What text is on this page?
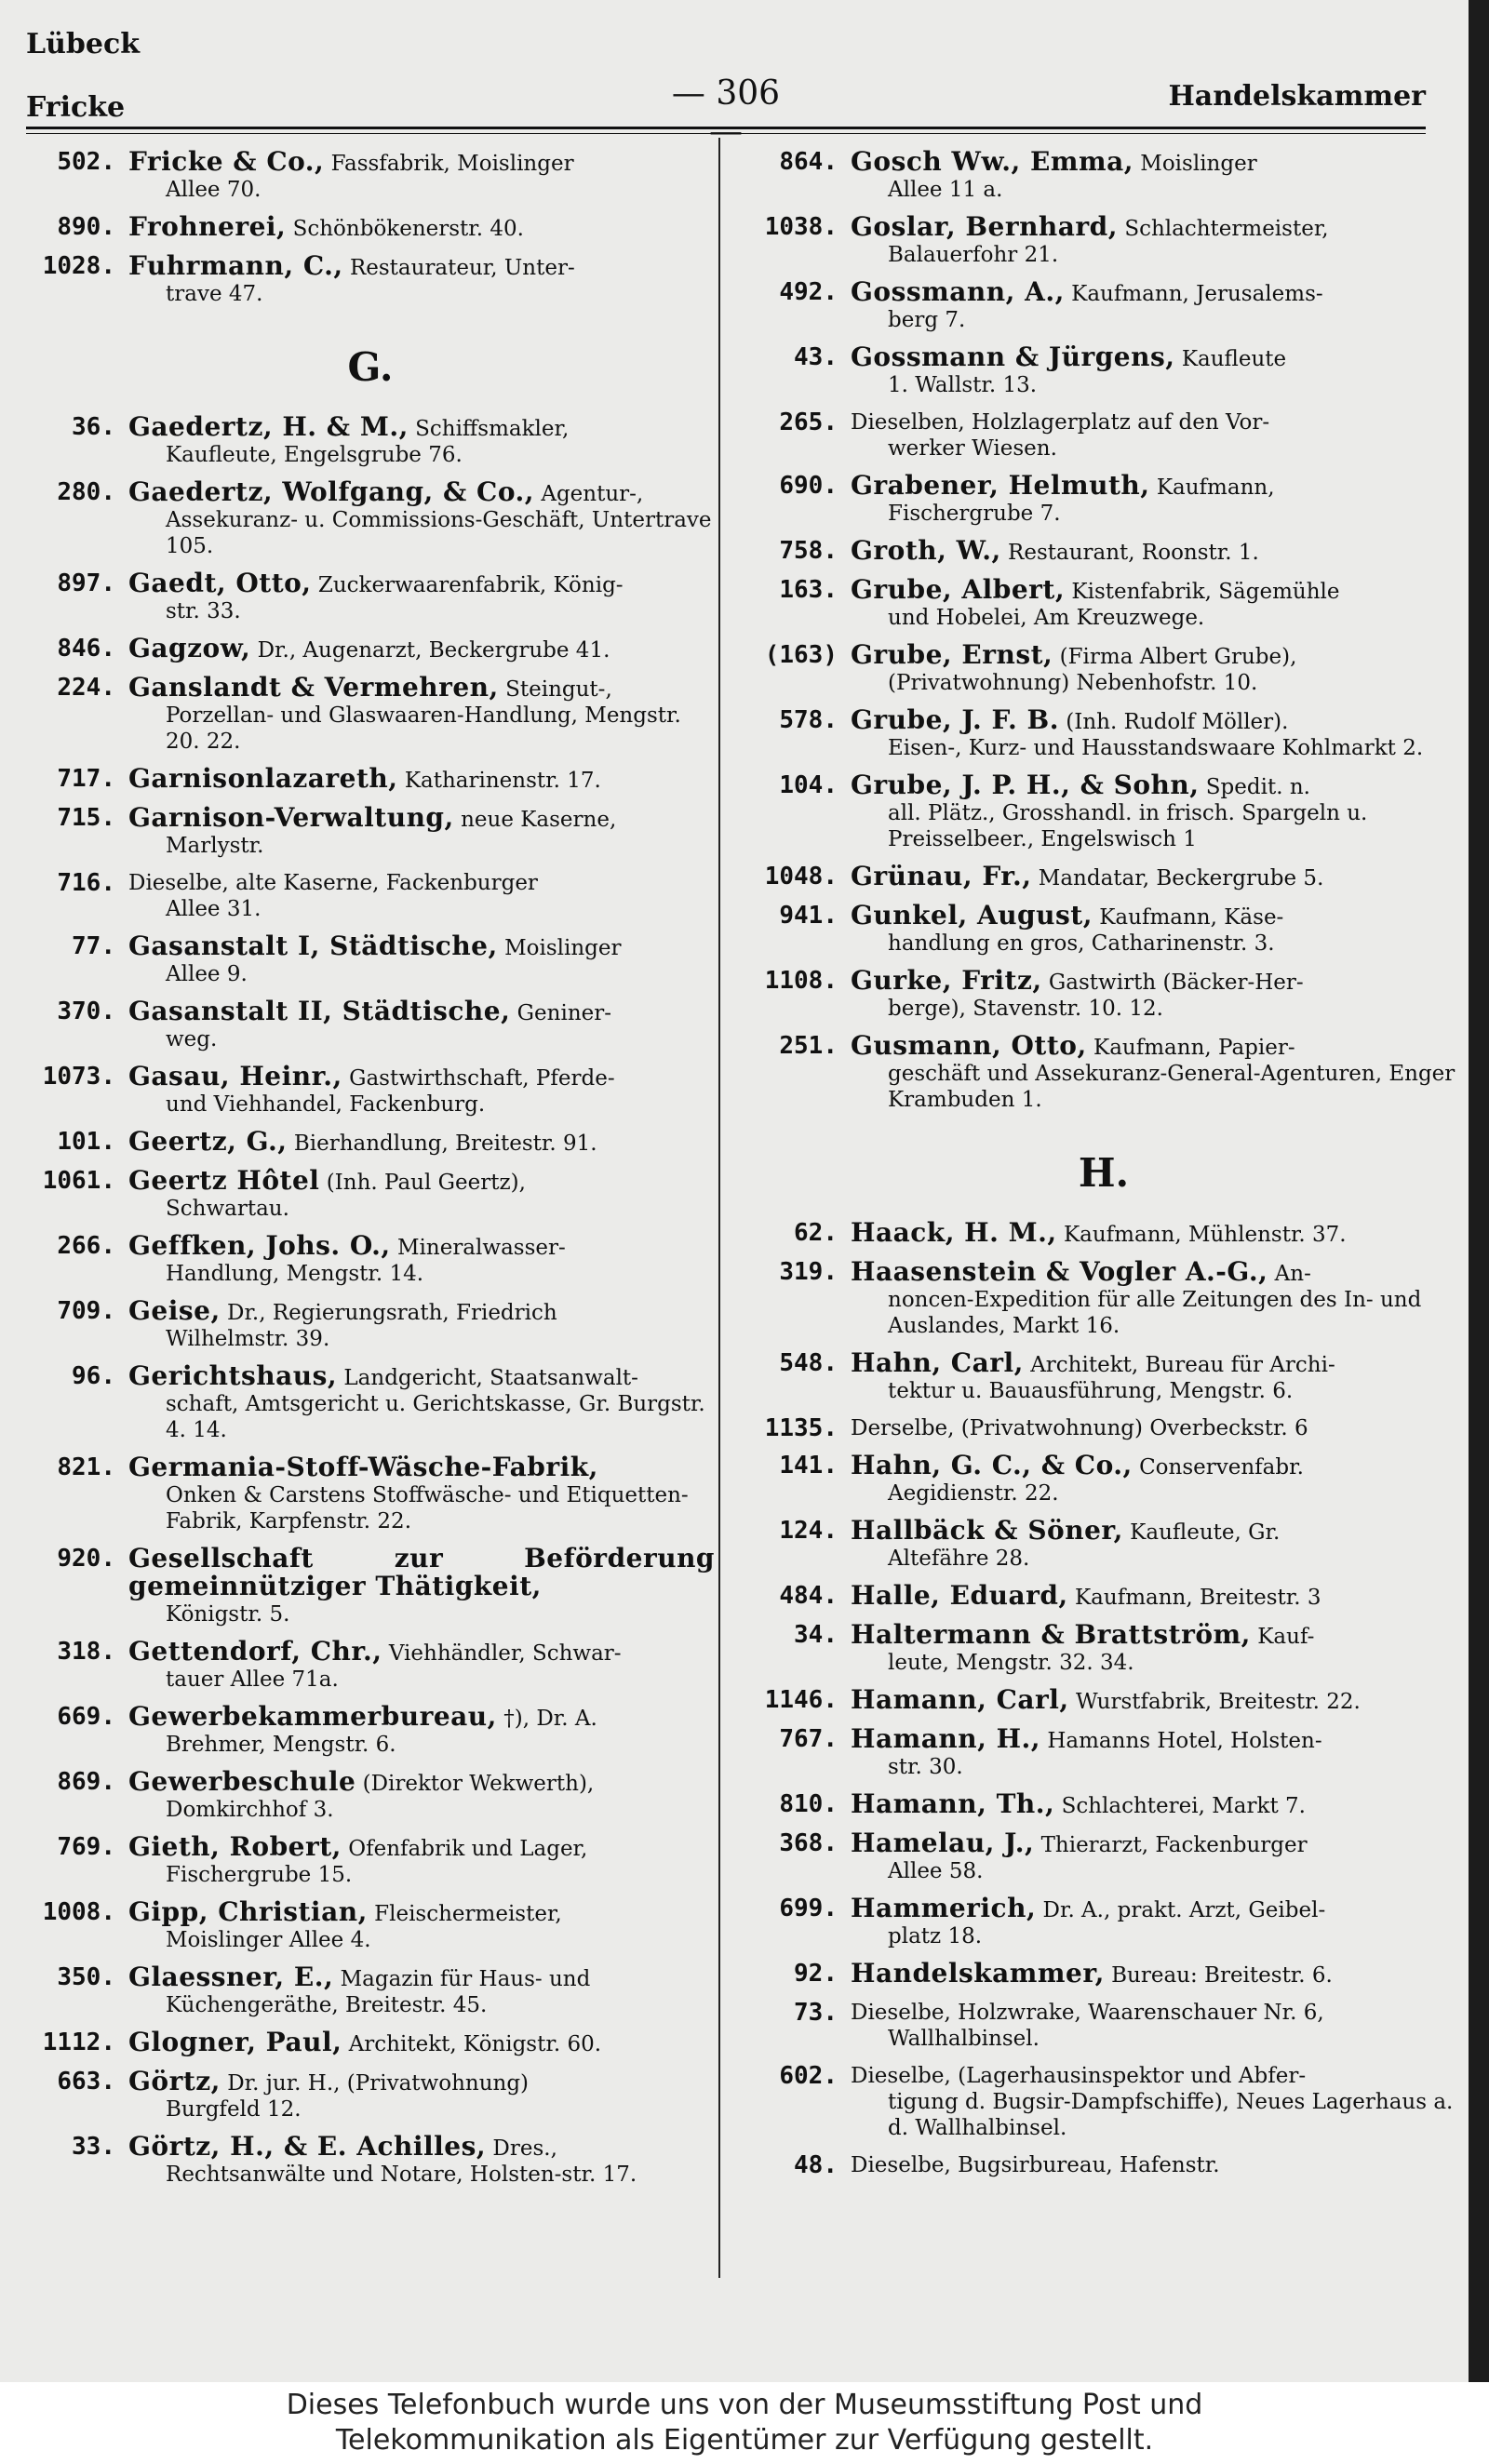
Lübeck
Fricke	— 306 —
Handelskammer
502. Fricke & Co., Fassfabrik, Moislinger
Allee 70.
890. Frohnerei, Schönbökenerstr. 40.
1028. Fuhrmann, C., Restaurateur, Unter-
trave 47.
G.
36. Gaedertz, H. & M., Schiffsmakler,
Kaufleute, Engelsgrube 76.
280. Gaedertz, Wolfgang, & Co., Agentur-,
Assekuranz- u. Commissions-Geschäft, Untertrave 105.
897. Gaedt, Otto, Zuckerwaarenfabrik, König-
str. 33.
846. Gagzow, Dr., Augenarzt, Beckergrube 41.
224. Ganslandt & Vermehren, Steingut-,
Porzellan- und Glaswaaren-Handlung, Mengstr. 20. 22.
717. Garnisonlazareth, Katharinenstr. 17.
715. Garnison-Verwaltung, neue Kaserne,
Marlystr.
716. Dieselbe, alte Kaserne, Fackenburger
Allee 31.
77. Gasanstalt I, Städtische, Moislinger
Allee 9.
370. Gasanstalt II, Städtische, Geniner-
weg.
1073. Gasau, Heinr., Gastwirthschaft, Pferde-
und Viehhandel, Fackenburg.
101. Geertz, G., Bierhandlung, Breitestr. 91.
1061. Geertz Hôtel (Inh. Paul Geertz),
Schwartau.
266. Geffken, Johs. O., Mineralwasser-
Handlung, Mengstr. 14.
709. Geise, Dr., Regierungsrath, Friedrich
Wilhelmstr. 39.
96. Gerichtshaus, Landgericht, Staatsanwalt-
schaft, Amtsgericht u. Gerichtskasse, Gr. Burgstr. 4. 14.
821. Germania-Stoff-Wäsche-Fabrik,
Onken & Carstens Stoffwäsche- und Etiquetten-Fabrik, Karpfenstr. 22.
920. Gesellschaft zur Beförderung gemeinnütziger Thätigkeit,
Königstr. 5.
318. Gettendorf, Chr., Viehhändler, Schwar-
tauer Allee 71a.
669. Gewerbekammerbureau, †), Dr. A.
Brehmer, Mengstr. 6.
869. Gewerbeschule (Direktor Wekwerth),
Domkirchhof 3.
769. Gieth, Robert, Ofenfabrik und Lager,
Fischergrube 15.
1008. Gipp, Christian, Fleischermeister,
Moislinger Allee 4.
350. Glaessner, E., Magazin für Haus- und
Küchengeräthe, Breitestr. 45.
1112. Glogner, Paul, Architekt, Königstr. 60.
663. Görtz, Dr. jur. H., (Privatwohnung)
Burgfeld 12.
33. Görtz, H., & E. Achilles, Dres.,
Rechtsanwälte und Notare, Holsten-str. 17.
864. Gosch Ww., Emma, Moislinger
Allee 11 a.
1038. Goslar, Bernhard, Schlachtermeister,
Balauerfohr 21.
492. Gossmann, A., Kaufmann, Jerusalems-
berg 7.
43. Gossmann & Jürgens, Kaufleute
1. Wallstr. 13.
265. Dieselben, Holzlagerplatz auf den Vor-
werker Wiesen.
690. Grabener, Helmuth, Kaufmann,
Fischergrube 7.
758. Groth, W., Restaurant, Roonstr. 1.
163. Grube, Albert, Kistenfabrik, Sägemühle
und Hobelei, Am Kreuzwege.
(163) Grube, Ernst, (Firma Albert Grube),
(Privatwohnung) Nebenhofstr. 10.
578. Grube, J. F. B. (Inh. Rudolf Möller).
Eisen-, Kurz- und Hausstandswaare Kohlmarkt 2.
104. Grube, J. P. H., & Sohn, Spedit. n.
all. Plätz., Grosshandl. in frisch. Spargeln u. Preisselbeer., Engelswisch 1
1048. Grünau, Fr., Mandatar, Beckergrube 5.
941. Gunkel, August, Kaufmann, Käse-
handlung en gros, Catharinenstr. 3.
1108. Gurke, Fritz, Gastwirth (Bäcker-Her-
berge), Stavenstr. 10. 12.
251. Gusmann, Otto, Kaufmann, Papier-
geschäft und Assekuranz-General-Agenturen, Enger Krambuden 1.
H.
62. Haack, H. M., Kaufmann, Mühlenstr. 37.
319. Haasenstein & Vogler A.-G., An-
noncen-Expedition für alle Zeitungen des In- und Auslandes, Markt 16.
548. Hahn, Carl, Architekt, Bureau für Archi-
tektur u. Bauausführung, Mengstr. 6.
1135. Derselbe, (Privatwohnung) Overbeckstr. 6
141. Hahn, G. C., & Co., Conservenfabr.
Aegidienstr. 22.
124. Hallbäck & Söner, Kaufleute, Gr.
Altefähre 28.
484. Halle, Eduard, Kaufmann, Breitestr. 3
34. Haltermann & Brattström, Kauf-
leute, Mengstr. 32. 34.
1146. Hamann, Carl, Wurstfabrik, Breitestr. 22.
767. Hamann, H., Hamanns Hotel, Holsten-
str. 30.
810. Hamann, Th., Schlachterei, Markt 7.
368. Hamelau, J., Thierarzt, Fackenburger
Allee 58.
699. Hammerich, Dr. A., prakt. Arzt, Geibel-
platz 18.
92. Handelskammer, Bureau: Breitestr. 6.
73. Dieselbe, Holzwrake, Waarenschauer Nr. 6,
Wallhalbinsel.
602. Dieselbe, (Lagerhausinspektor und Abfer-
tigung d. Bugsir-Dampfschiffe), Neues Lagerhaus a. d. Wallhalbinsel.
48. Dieselbe, Bugsirbureau, Hafenstr.
Dieses Telefonbuch wurde uns von der Museumsstiftung Post und
Telekommunikation als Eigentümer zur Verfügung gestellt.
